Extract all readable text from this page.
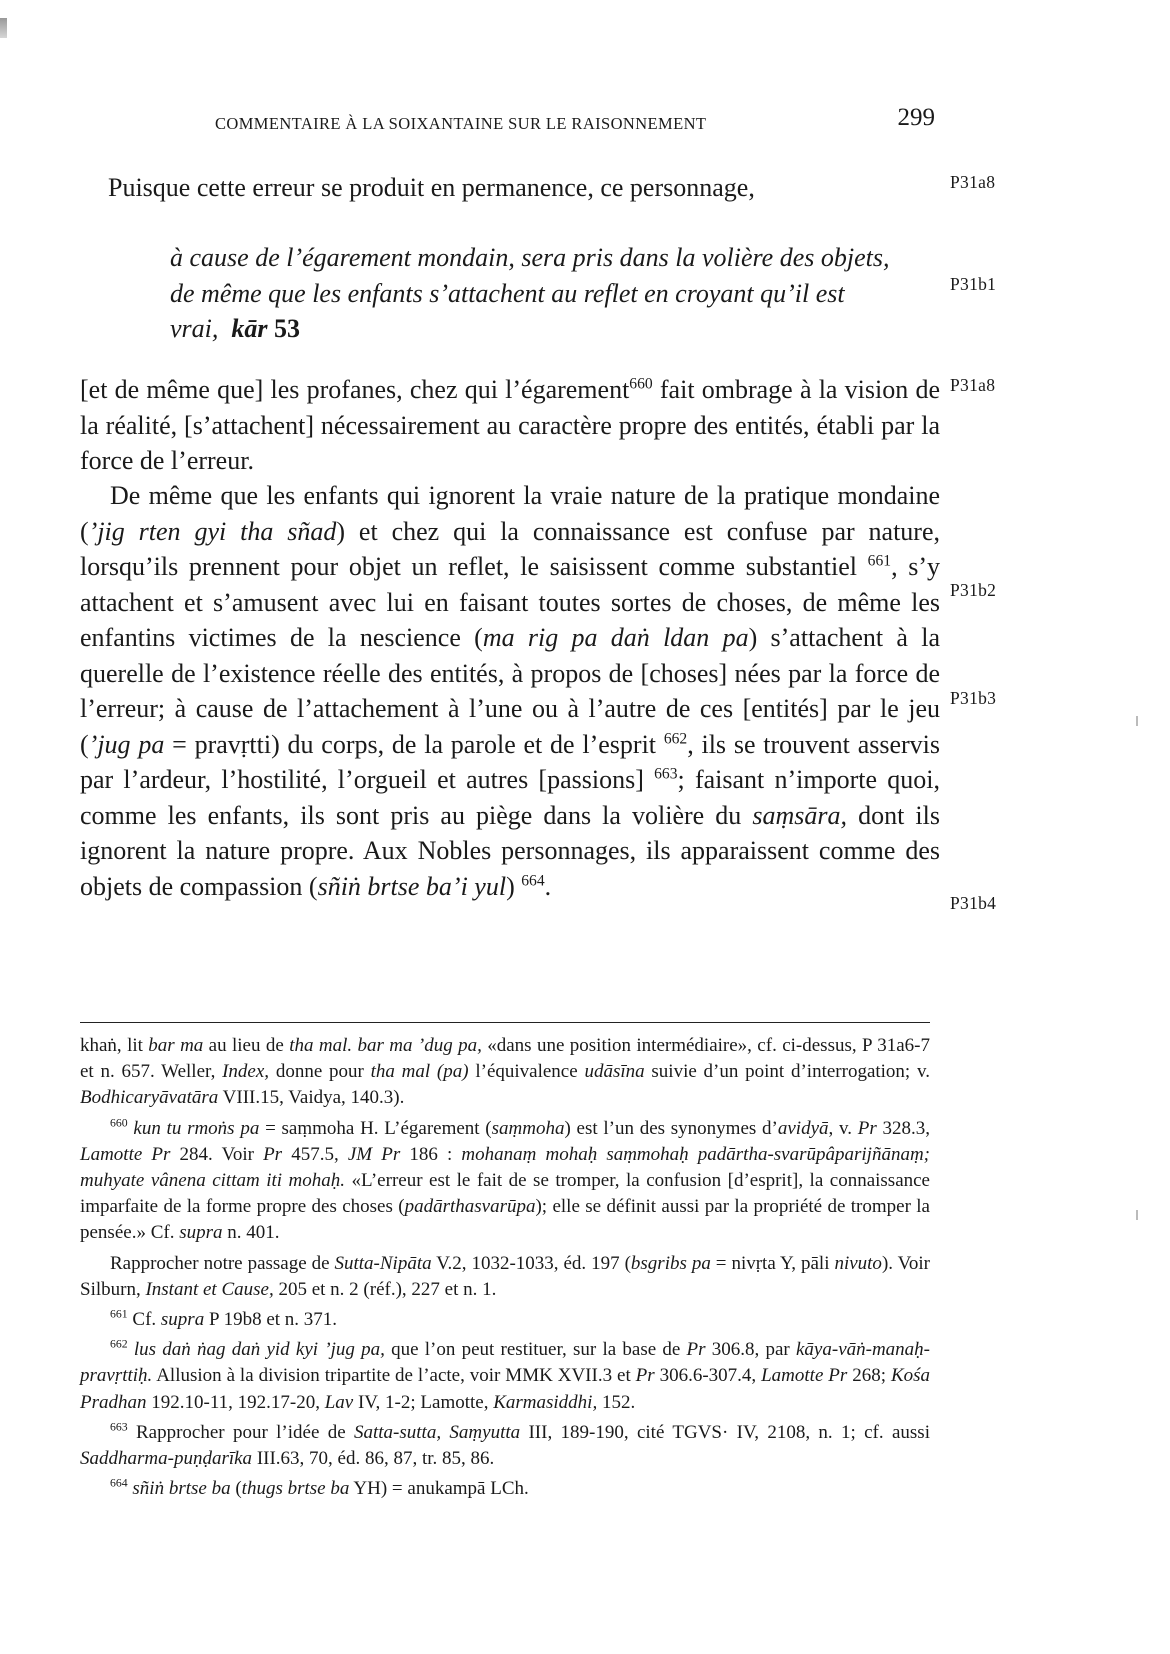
COMMENTAIRE À LA SOIXANTAINE SUR LE RAISONNEMENT	299
Puisque cette erreur se produit en permanence, ce personnage,
à cause de l’égarement mondain, sera pris dans la volière des objets, de même que les enfants s’attachent au reflet en croyant qu’il est vrai, kār 53
[et de même que] les profanes, chez qui l’égarement$^{660}$ fait ombrage à la vision de la réalité, [s’attachent] nécessairement au caractère propre des entités, établi par la force de l’erreur.
De même que les enfants qui ignorent la vraie nature de la pratique mondaine (’jig rten gyi tha sñad) et chez qui la connaissance est confuse par nature, lorsqu’ils prennent pour objet un reflet, le saisissent comme substantiel $^{661}$, s’y attachent et s’amusent avec lui en faisant toutes sortes de choses, de même les enfantins victimes de la nescience (ma rig pa daṅ ldan pa) s’attachent à la querelle de l’existence réelle des entités, à propos de [choses] nées par la force de l’erreur; à cause de l’attachement à l’une ou à l’autre de ces [entités] par le jeu (’jug pa = pravṛtti) du corps, de la parole et de l’esprit $^{662}$, ils se trouvent asservis par l’ardeur, l’hostilité, l’orgueil et autres [passions] $^{663}$; faisant n’importe quoi, comme les enfants, ils sont pris au piège dans la volière du saṃsāra, dont ils ignorent la nature propre. Aux Nobles personnages, ils apparaissent comme des objets de compassion (sñiṅ brtse ba’i yul) $^{664}$.
P31a8
P31b1
P31a8
P31b2
P31b3
P31b4

khaṅ, lit bar ma au lieu de tha mal. bar ma ’dug pa, «dans une position intermédiaire», cf. ci-dessus, P 31a6-7 et n. 657. Weller, Index, donne pour tha mal (pa) l’équivalence udāsīna suivie d’un point d’interrogation; v. Bodhicaryāvatāra VIII.15, Vaidya, 140.3).

$^{660}$ kun tu rmoṅs pa = saṃmoha H. L’égarement (saṃmoha) est l’un des synonymes d’avidyā, v. Pr 328.3, Lamotte Pr 284. Voir Pr 457.5, JM Pr 186 : mohanaṃ mohaḥ saṃmohaḥ padārtha-svarūpâparijñānaṃ; muhyate vânena cittam iti mohaḥ. «L’erreur est le fait de se tromper, la confusion [d’esprit], la connaissance imparfaite de la forme propre des choses (padārthasvarūpa); elle se définit aussi par la propriété de tromper la pensée.» Cf. supra n. 401.

Rapprocher notre passage de Sutta-Nipāta V.2, 1032-1033, éd. 197 (bsgribs pa = nivṛta Y, pāli nivuto). Voir Silburn, Instant et Cause, 205 et n. 2 (réf.), 227 et n. 1.

$^{661}$ Cf. supra P 19b8 et n. 371.

$^{662}$ lus daṅ ṅag daṅ yid kyi ’jug pa, que l’on peut restituer, sur la base de Pr 306.8, par kāya-vāṅ-manaḥ-pravṛttiḥ. Allusion à la division tripartite de l’acte, voir MMK XVII.3 et Pr 306.6-307.4, Lamotte Pr 268; Kośa Pradhan 192.10-11, 192.17-20, Lav IV, 1-2; Lamotte, Karmasiddhi, 152.

$^{663}$ Rapprocher pour l’idée de Satta-sutta, Saṃyutta III, 189-190, cité TGVS· IV, 2108, n. 1; cf. aussi Saddharma-puṇḍarīka III.63, 70, éd. 86, 87, tr. 85, 86.

$^{664}$ sñiṅ brtse ba (thugs brtse ba YH) = anukampā LCh.
